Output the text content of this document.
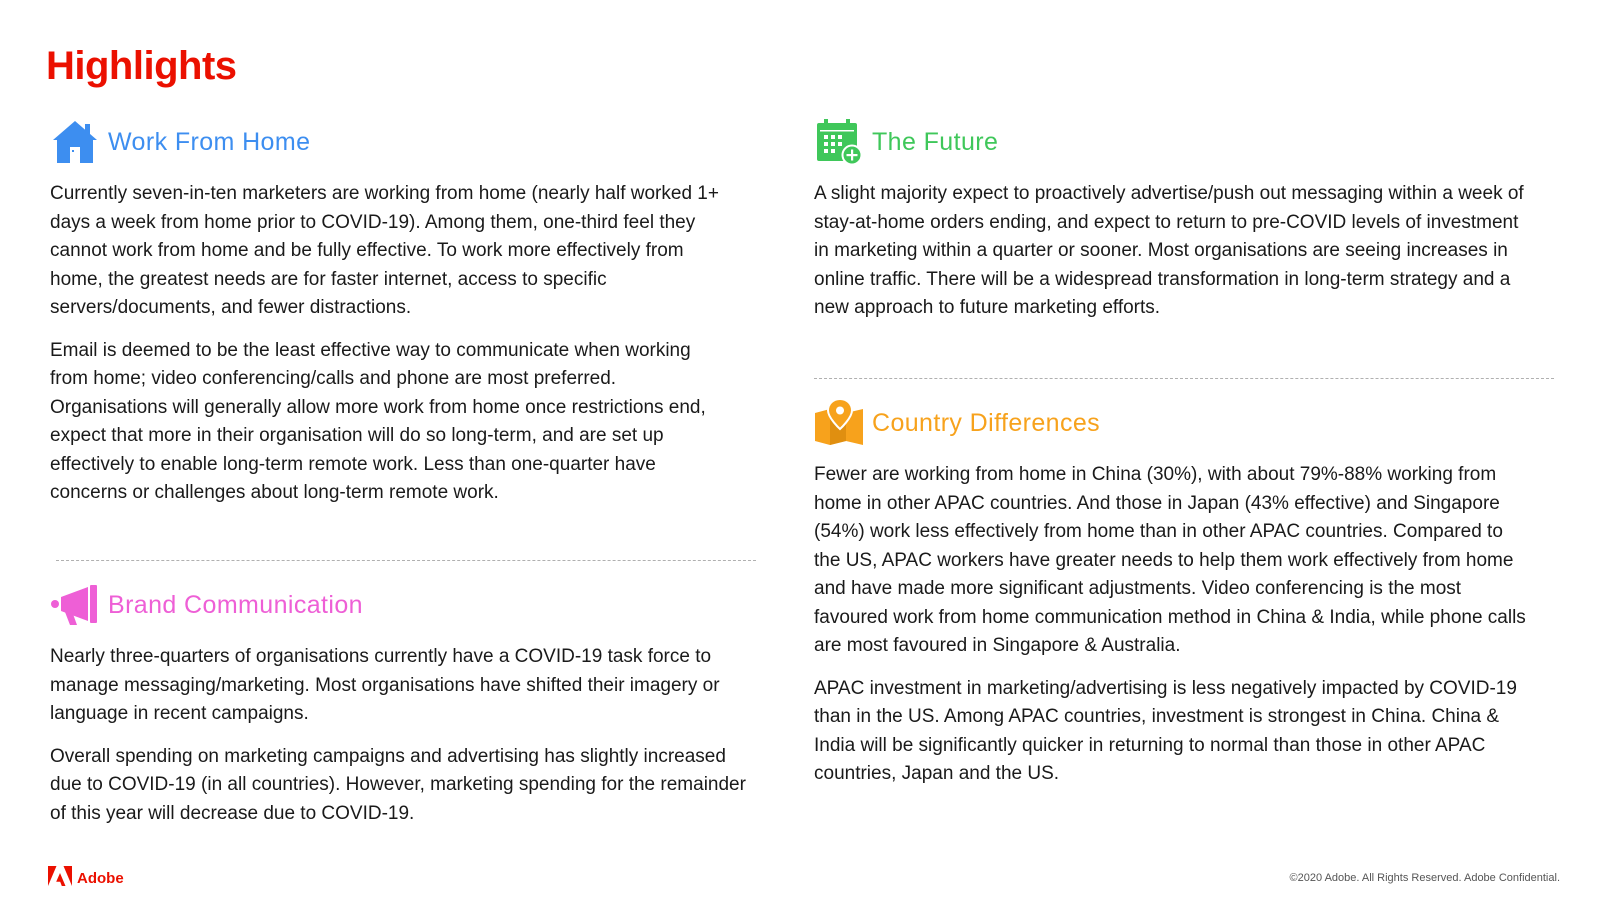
Highlights
Work From Home

Currently seven-in-ten marketers are working from home (nearly half worked 1+ days a week from home prior to COVID-19). Among them, one-third feel they cannot work from home and be fully effective. To work more effectively from home, the greatest needs are for faster internet, access to specific servers/documents, and fewer distractions.

Email is deemed to be the least effective way to communicate when working from home; video conferencing/calls and phone are most preferred. Organisations will generally allow more work from home once restrictions end, expect that more in their organisation will do so long-term, and are set up effectively to enable long-term remote work. Less than one-quarter have concerns or challenges about long-term remote work.

Brand Communication

Nearly three-quarters of organisations currently have a COVID-19 task force to manage messaging/marketing. Most organisations have shifted their imagery or language in recent campaigns.

Overall spending on marketing campaigns and advertising has slightly increased due to COVID-19 (in all countries). However, marketing spending for the remainder of this year will decrease due to COVID-19.

The Future

A slight majority expect to proactively advertise/push out messaging within a week of stay-at-home orders ending, and expect to return to pre-COVID levels of investment in marketing within a quarter or sooner. Most organisations are seeing increases in online traffic. There will be a widespread transformation in long-term strategy and a new approach to future marketing efforts.

Country Differences

Fewer are working from home in China (30%), with about 79%-88% working from home in other APAC countries. And those in Japan (43% effective) and Singapore (54%) work less effectively from home than in other APAC countries. Compared to the US, APAC workers have greater needs to help them work effectively from home and have made more significant adjustments. Video conferencing is the most favoured work from home communication method in China & India, while phone calls are most favoured in Singapore & Australia.

APAC investment in marketing/advertising is less negatively impacted by COVID-19 than in the US. Among APAC countries, investment is strongest in China. China & India will be significantly quicker in returning to normal than those in other APAC countries, Japan and the US.

Adobe	©2020 Adobe. All Rights Reserved. Adobe Confidential.
